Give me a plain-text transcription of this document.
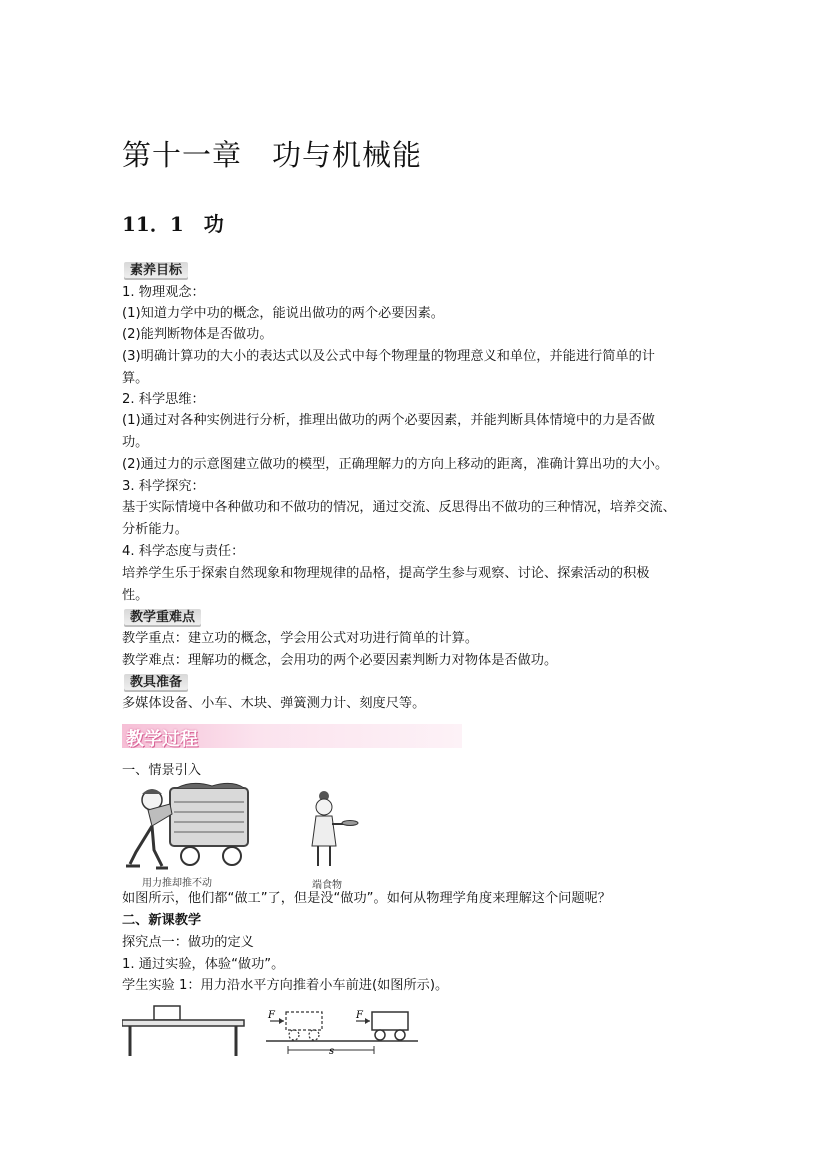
第十一章　功与机械能
11．1　功
素养目标
1. 物理观念：
(1)知道力学中功的概念，能说出做功的两个必要因素。
(2)能判断物体是否做功。
(3)明确计算功的大小的表达式以及公式中每个物理量的物理意义和单位，并能进行简单的计
算。
2. 科学思维：
(1)通过对各种实例进行分析，推理出做功的两个必要因素，并能判断具体情境中的力是否做
功。
(2)通过力的示意图建立做功的模型，正确理解力的方向上移动的距离，准确计算出功的大小。
3. 科学探究：
基于实际情境中各种做功和不做功的情况，通过交流、反思得出不做功的三种情况，培养交流、
分析能力。
4. 科学态度与责任：
培养学生乐于探索自然现象和物理规律的品格，提高学生参与观察、讨论、探索活动的积极
性。
教学重难点
教学重点：建立功的概念，学会用公式对功进行简单的计算。
教学难点：理解功的概念，会用功的两个必要因素判断力对物体是否做功。
教具准备
多媒体设备、小车、木块、弹簧测力计、刻度尺等。
教学过程
一、情景引入
用力推却推不动	端食物
如图所示，他们都“做工”了，但是没“做功”。如何从物理学角度来理解这个问题呢？
二、新课教学
探究点一：做功的定义
1. 通过实验，体验“做功”。
学生实验 1：用力沿水平方向推着小车前进(如图所示)。
F	F
s
